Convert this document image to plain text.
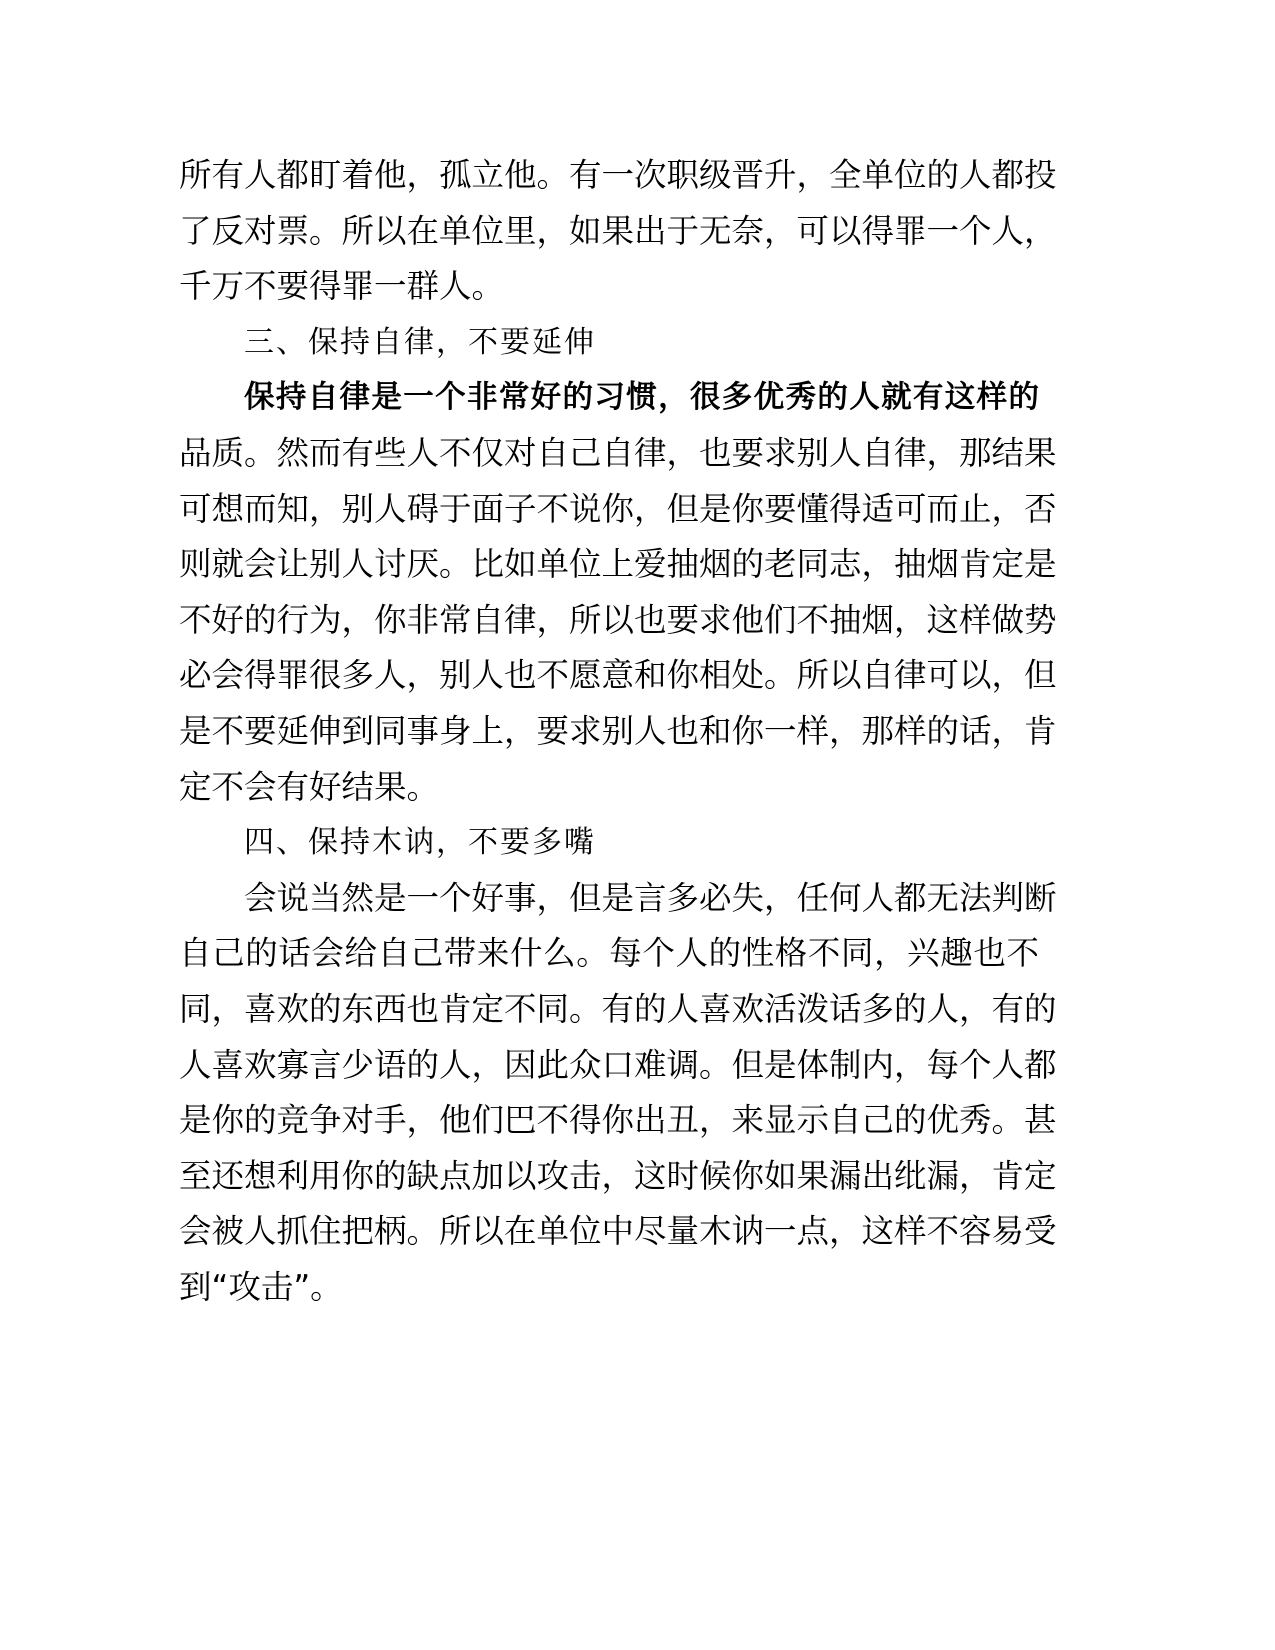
所有人都盯着他，孤立他。有一次职级晋升，全单位的人都投
了反对票。所以在单位里，如果出于无奈，可以得罪一个人，
千万不要得罪一群人。
三、保持自律，不要延伸
保持自律是一个非常好的习惯，很多优秀的人就有这样的
品质。然而有些人不仅对自己自律，也要求别人自律，那结果
可想而知，别人碍于面子不说你，但是你要懂得适可而止，否
则就会让别人讨厌。比如单位上爱抽烟的老同志，抽烟肯定是
不好的行为，你非常自律，所以也要求他们不抽烟，这样做势
必会得罪很多人，别人也不愿意和你相处。所以自律可以，但
是不要延伸到同事身上，要求别人也和你一样，那样的话，肯
定不会有好结果。
四、保持木讷，不要多嘴
会说当然是一个好事，但是言多必失，任何人都无法判断
自己的话会给自己带来什么。每个人的性格不同，兴趣也不
同，喜欢的东西也肯定不同。有的人喜欢活泼话多的人，有的
人喜欢寡言少语的人，因此众口难调。但是体制内，每个人都
是你的竞争对手，他们巴不得你出丑，来显示自己的优秀。甚
至还想利用你的缺点加以攻击，这时候你如果漏出纰漏，肯定
会被人抓住把柄。所以在单位中尽量木讷一点，这样不容易受
到“攻击”。
